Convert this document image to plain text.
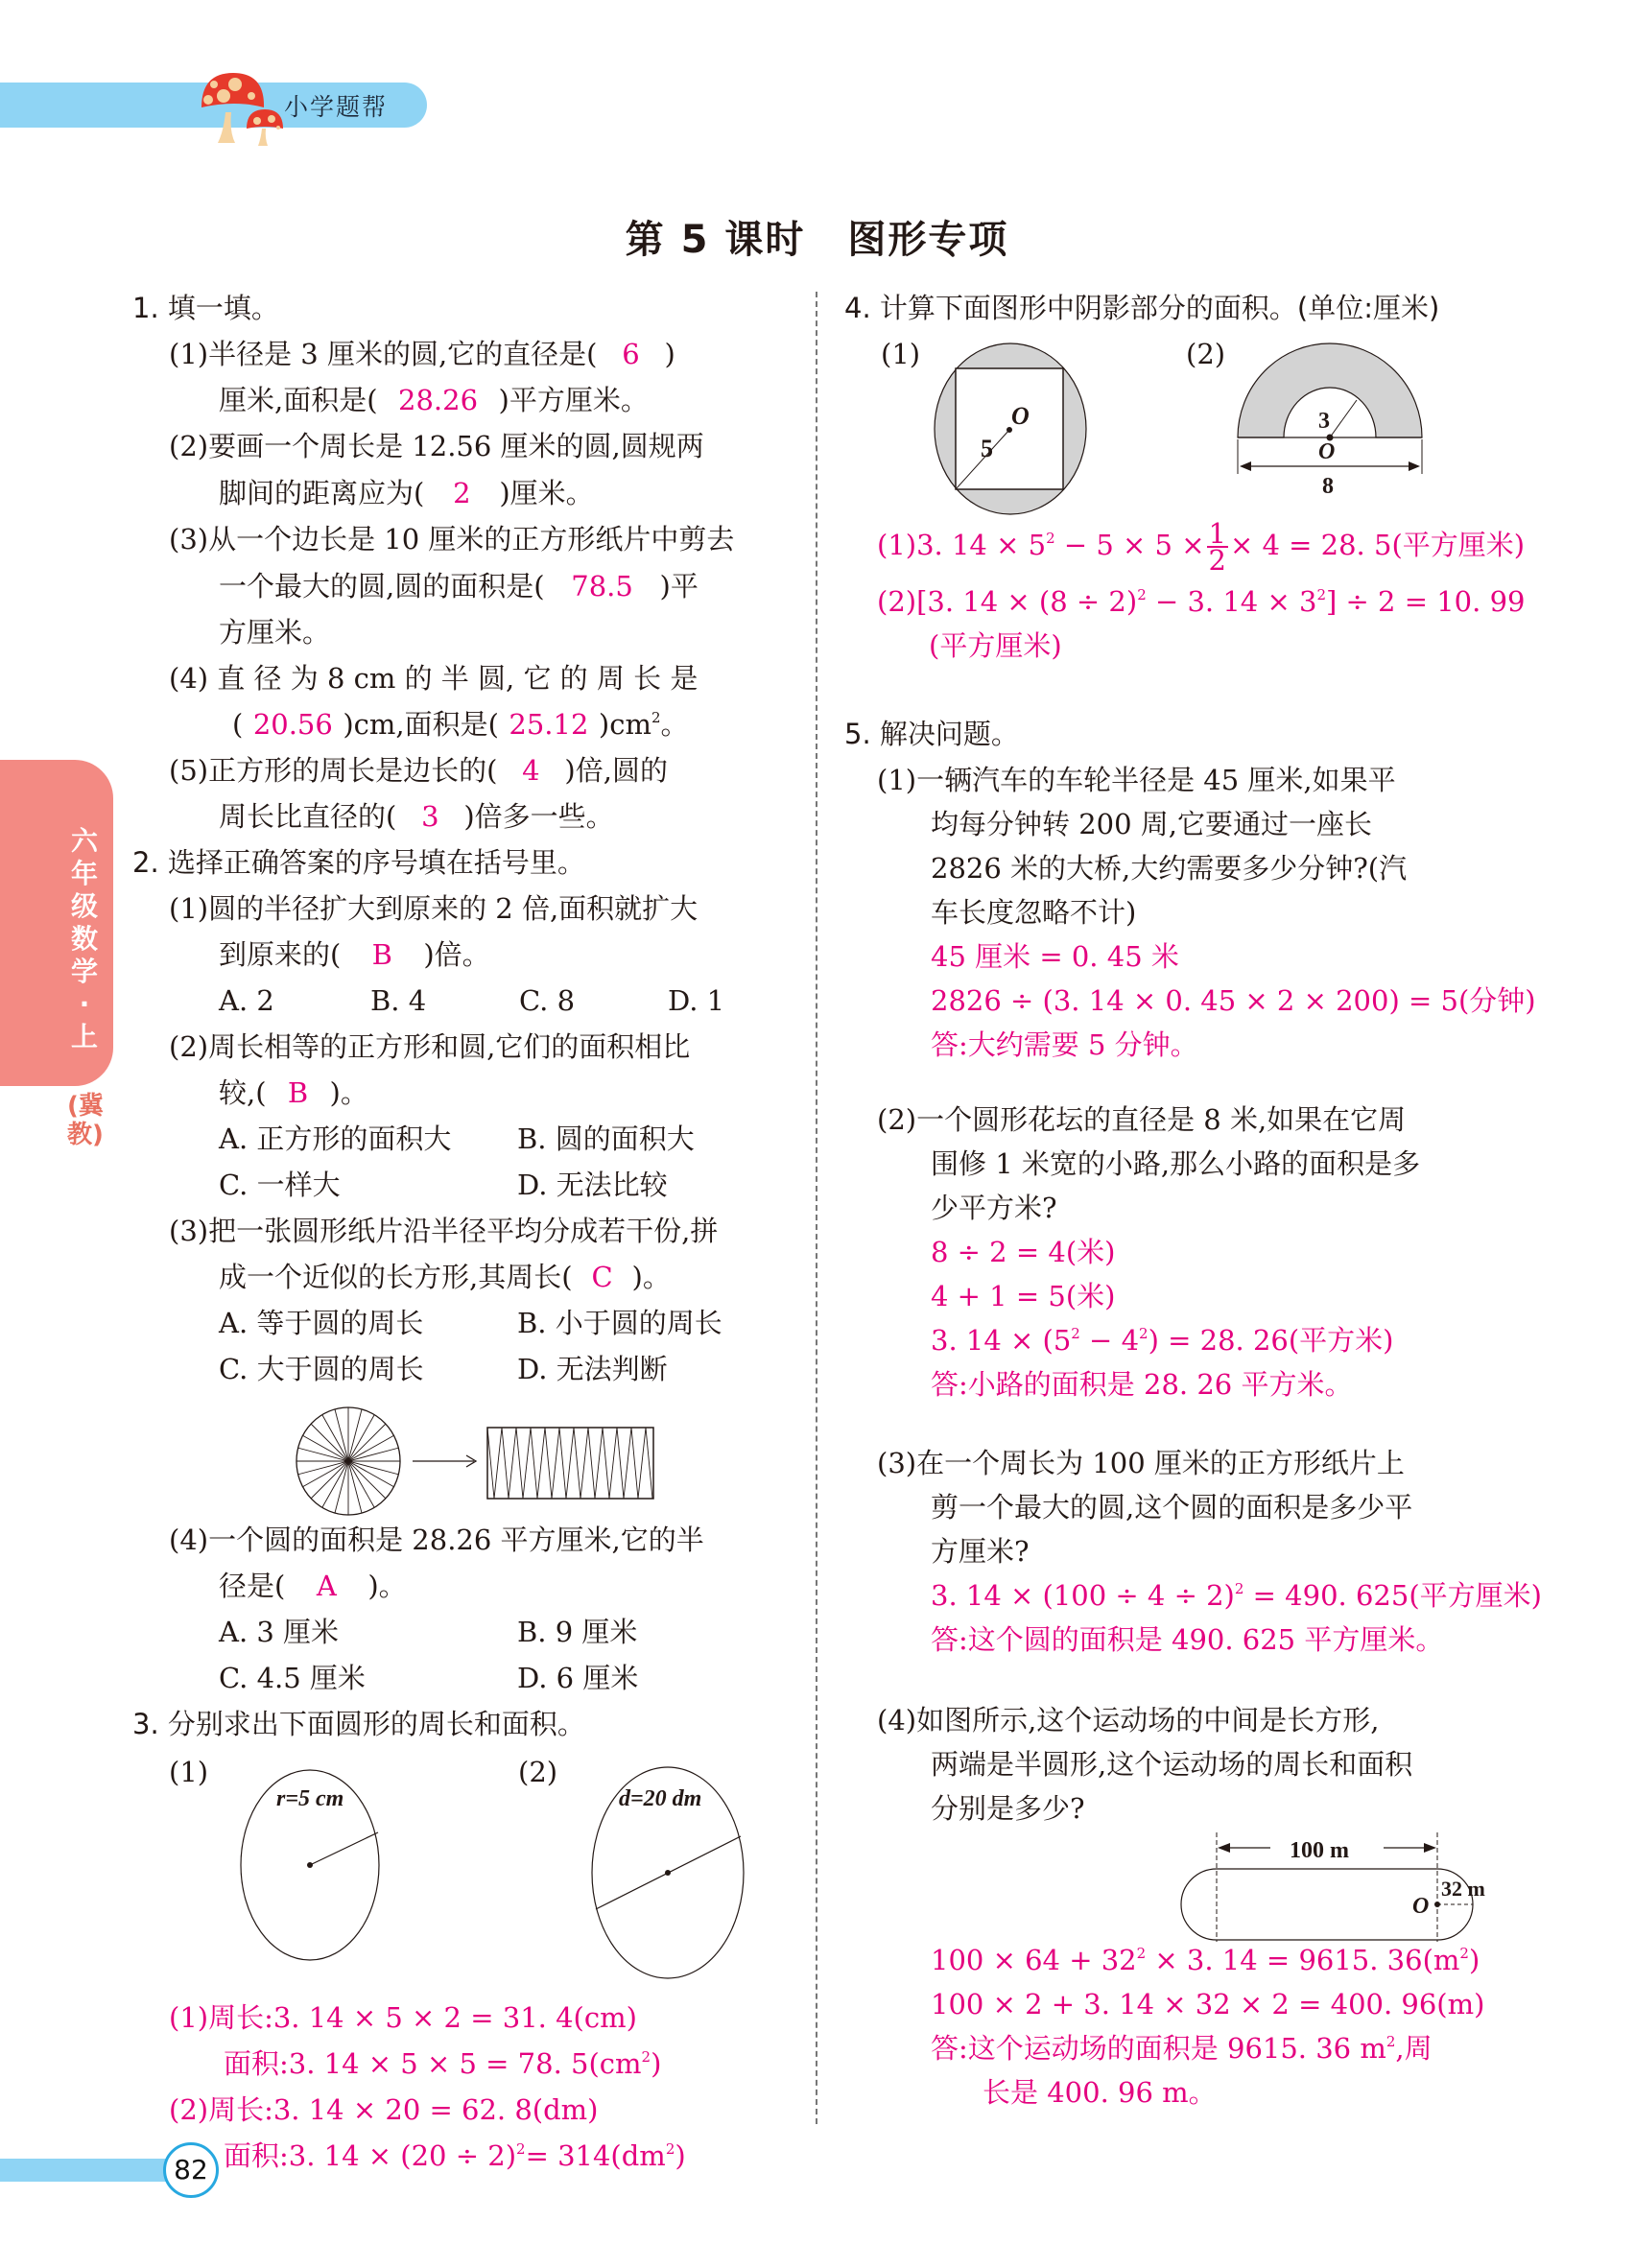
小学题帮
第 5 课时 图形专项
六年级数学·上
(冀教)
1. 填一填。
(1)半径是 3 厘米的圆,它的直径是( 6 )
厘米,面积是( 28.26 )平方厘米。
(2)要画一个周长是 12.56 厘米的圆,圆规两
脚间的距离应为( 2 )厘米。
(3)从一个边长是 10 厘米的正方形纸片中剪去
一个最大的圆,圆的面积是( 78.5 )平
方厘米。
(4) 直 径 为 8 cm 的 半 圆, 它 的 周 长 是
( 20.56 )cm,面积是( 25.12 )$cm^2$。
(5)正方形的周长是边长的( 4 )倍,圆的
周长比直径的( 3 )倍多一些。
2. 选择正确答案的序号填在括号里。
(1)圆的半径扩大到原来的 2 倍,面积就扩大
到原来的( B )倍。
A. 2	B. 4	C. 8	D. 1
(2)周长相等的正方形和圆,它们的面积相比
较,( B )。
A. 正方形的面积大 B. 圆的面积大
C. 一样大	D. 无法比较
(3)把一张圆形纸片沿半径平均分成若干份,拼
成一个近似的长方形,其周长( C )。
A. 等于圆的周长	B. 小于圆的周长
C. 大于圆的周长	D. 无法判断
(4)一个圆的面积是 28.26 平方厘米,它的半
径是( A )。
A. 3 厘米	B. 9 厘米
C. 4.5 厘米	D. 6 厘米
3. 分别求出下面圆形的周长和面积。
(1)	(2)
r=5 cm	d=20 dm
(1)周长:3. 14 × 5 × 2 = 31. 4(cm)
面积:3. 14 × 5 × 5 = 78. $5(cm^2)$
(2)周长:3. 14 × 20 = 62. 8(dm)
面积:3. $14 \times (20 \div 2)^2= 314(dm^2)$
4. 计算下面图形中阴影部分的面积。(单位:厘米)
(1)	(2)
5
O	3
O
8
(1)3. $14 \times 5^2 - 5 \times 5 \times \frac{1}{2} \times 4 = 28$. 5(平方厘米)
(2)[3. $14 \times (8 \div 2)^2 - 3$. $14 \times 3^2] \div 2 = 10$. 99
(平方厘米)
5. 解决问题。
(1)一辆汽车的车轮半径是 45 厘米,如果平
均每分钟转 200 周,它要通过一座长
2826 米的大桥,大约需要多少分钟?(汽
车长度忽略不计)
45 厘米 = 0. 45 米
2826 ÷ (3. 14 × 0. 45 × 2 × 200) = 5(分钟)
答:大约需要 5 分钟。
(2)一个圆形花坛的直径是 8 米,如果在它周
围修 1 米宽的小路,那么小路的面积是多
少平方米?
8 ÷ 2 = 4(米)
4 + 1 = 5(米)
3. $14 \times (5^2 - 4^2) = 28$. 26(平方米)
答:小路的面积是 28. 26 平方米。
(3)在一个周长为 100 厘米的正方形纸片上
剪一个最大的圆,这个圆的面积是多少平
方厘米?
3. $14 \times (100 \div 4 \div 2)^2 = 490$. 625(平方厘米)
答:这个圆的面积是 490. 625 平方厘米。
(4)如图所示,这个运动场的中间是长方形,
两端是半圆形,这个运动场的周长和面积
分别是多少?
100 m
O
32 m
$100 \times 64 + 32^2 \times 3$. 14 = 9615. $36(m^2)$
100 × 2 + 3. 14 × 32 × 2 = 400. 96(m)
答:这个运动场的面积是 9615. 36 $m^2$,周
长是 400. 96 m。
82
